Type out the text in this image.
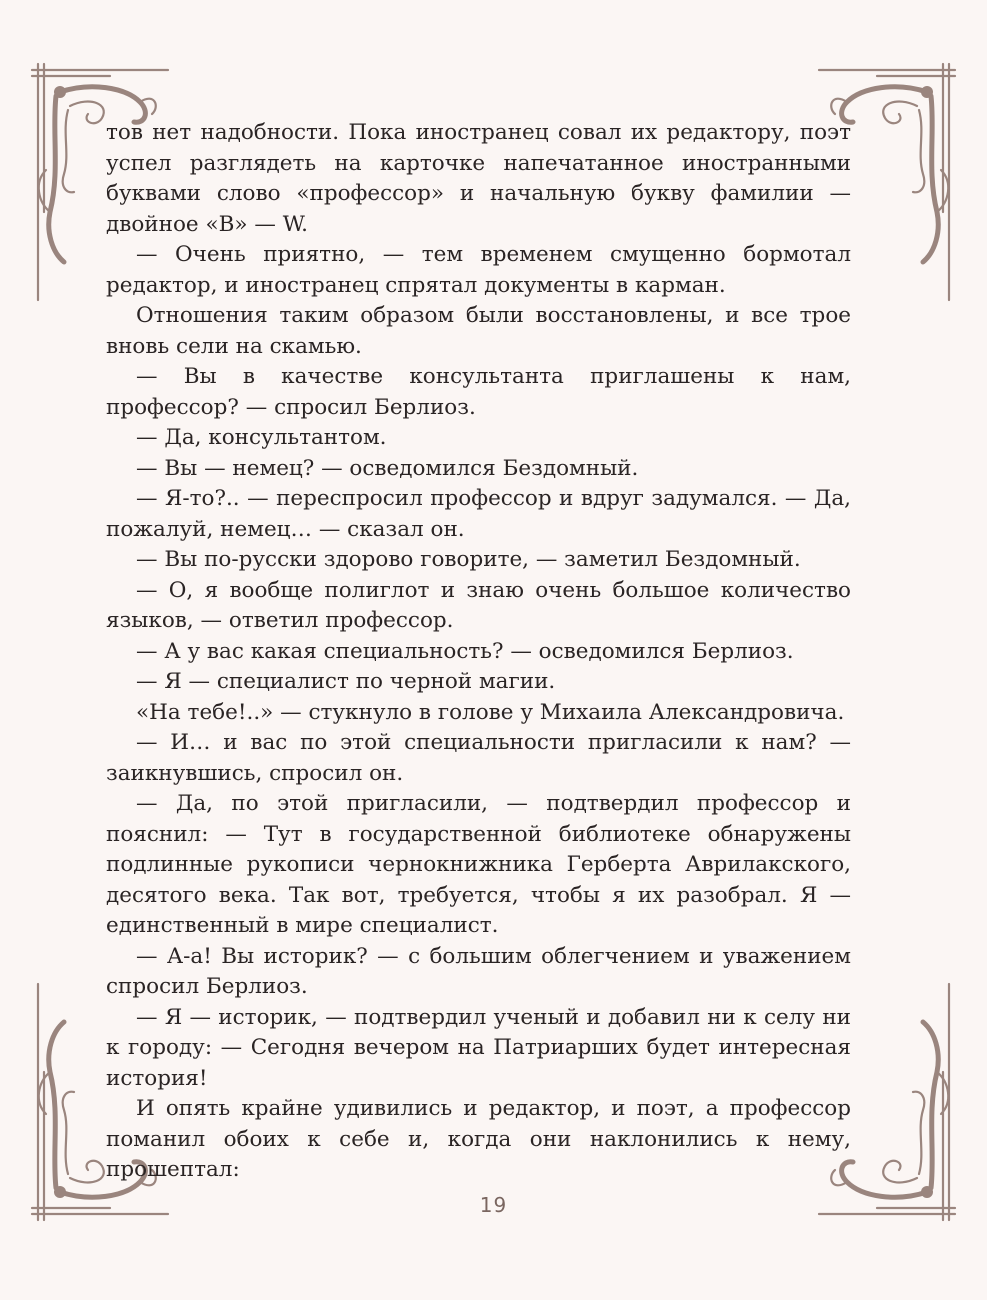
тов нет надобности. Пока иностранец совал их редактору, поэт успел разглядеть на карточке напечатанное иностранными буквами слово «профессор» и начальную букву фамилии — двойное «В» — W.

— Очень приятно, — тем временем смущенно бормотал редактор, и иностранец спрятал документы в карман.

Отношения таким образом были восстановлены, и все трое вновь сели на скамью.

— Вы в качестве консультанта приглашены к нам, профессор? — спросил Берлиоз.

— Да, консультантом.

— Вы — немец? — осведомился Бездомный.

— Я-то?.. — переспросил профессор и вдруг задумался. — Да, пожалуй, немец… — сказал он.

— Вы по-русски здорово говорите, — заметил Бездомный.

— О, я вообще полиглот и знаю очень большое количество языков, — ответил профессор.

— А у вас какая специальность? — осведомился Берлиоз.

— Я — специалист по черной магии.

«На тебе!..» — стукнуло в голове у Михаила Александровича.

— И… и вас по этой специальности пригласили к нам? — заикнувшись, спросил он.

— Да, по этой пригласили, — подтвердил профессор и пояснил: — Тут в государственной библиотеке обнаружены подлинные рукописи чернокнижника Герберта Аврилакского, десятого века. Так вот, требуется, чтобы я их разобрал. Я — единственный в мире специалист.

— А-а! Вы историк? — с большим облегчением и уважением спросил Берлиоз.

— Я — историк, — подтвердил ученый и добавил ни к селу ни к городу: — Сегодня вечером на Патриарших будет интересная история!

И опять крайне удивились и редактор, и поэт, а профессор поманил обоих к себе и, когда они наклонились к нему, прошептал:

19
